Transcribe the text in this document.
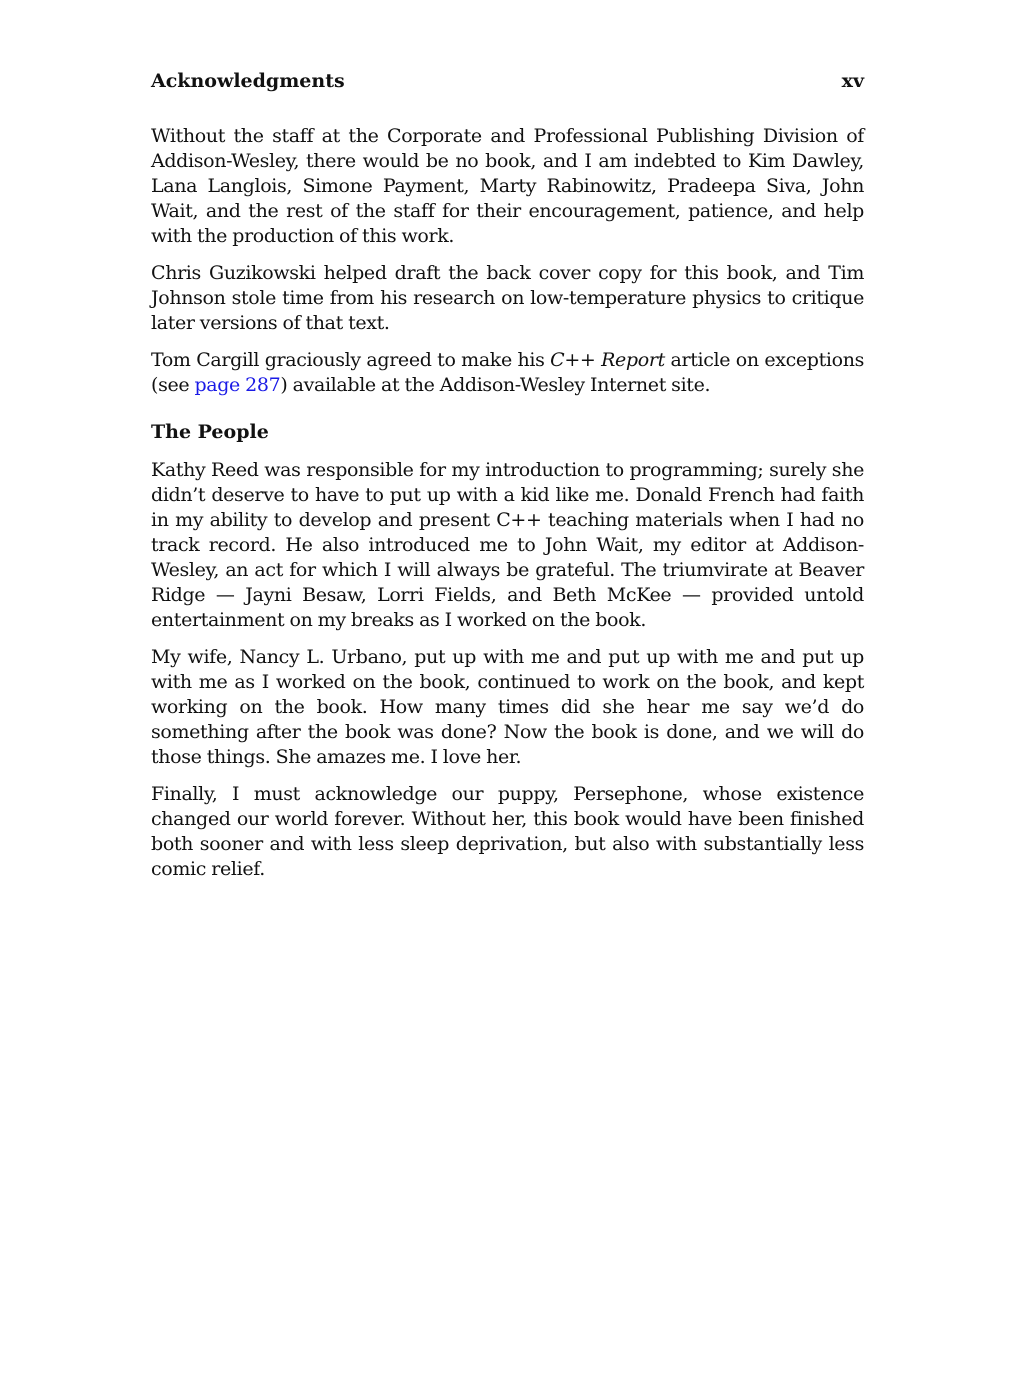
Acknowledgments	xv

Without the staff at the Corporate and Professional Publishing Division of Addison-Wesley, there would be no book, and I am indebted to Kim Dawley, Lana Langlois, Simone Payment, Marty Rabinowitz, Pradeepa Siva, John Wait, and the rest of the staff for their encouragement, patience, and help with the production of this work.

Chris Guzikowski helped draft the back cover copy for this book, and Tim Johnson stole time from his research on low-temperature physics to critique later versions of that text.

Tom Cargill graciously agreed to make his C++ Report article on exceptions (see page 287) available at the Addison-Wesley Internet site.

The People

Kathy Reed was responsible for my introduction to programming; surely she didn’t deserve to have to put up with a kid like me. Donald French had faith in my ability to develop and present C++ teaching materials when I had no track record. He also introduced me to John Wait, my editor at Addison-Wesley, an act for which I will always be grateful. The triumvirate at Beaver Ridge — Jayni Besaw, Lorri Fields, and Beth McKee — provided untold entertainment on my breaks as I worked on the book.

My wife, Nancy L. Urbano, put up with me and put up with me and put up with me as I worked on the book, continued to work on the book, and kept working on the book. How many times did she hear me say we’d do something after the book was done? Now the book is done, and we will do those things. She amazes me. I love her.

Finally, I must acknowledge our puppy, Persephone, whose existence changed our world forever. Without her, this book would have been finished both sooner and with less sleep deprivation, but also with substantially less comic relief.
